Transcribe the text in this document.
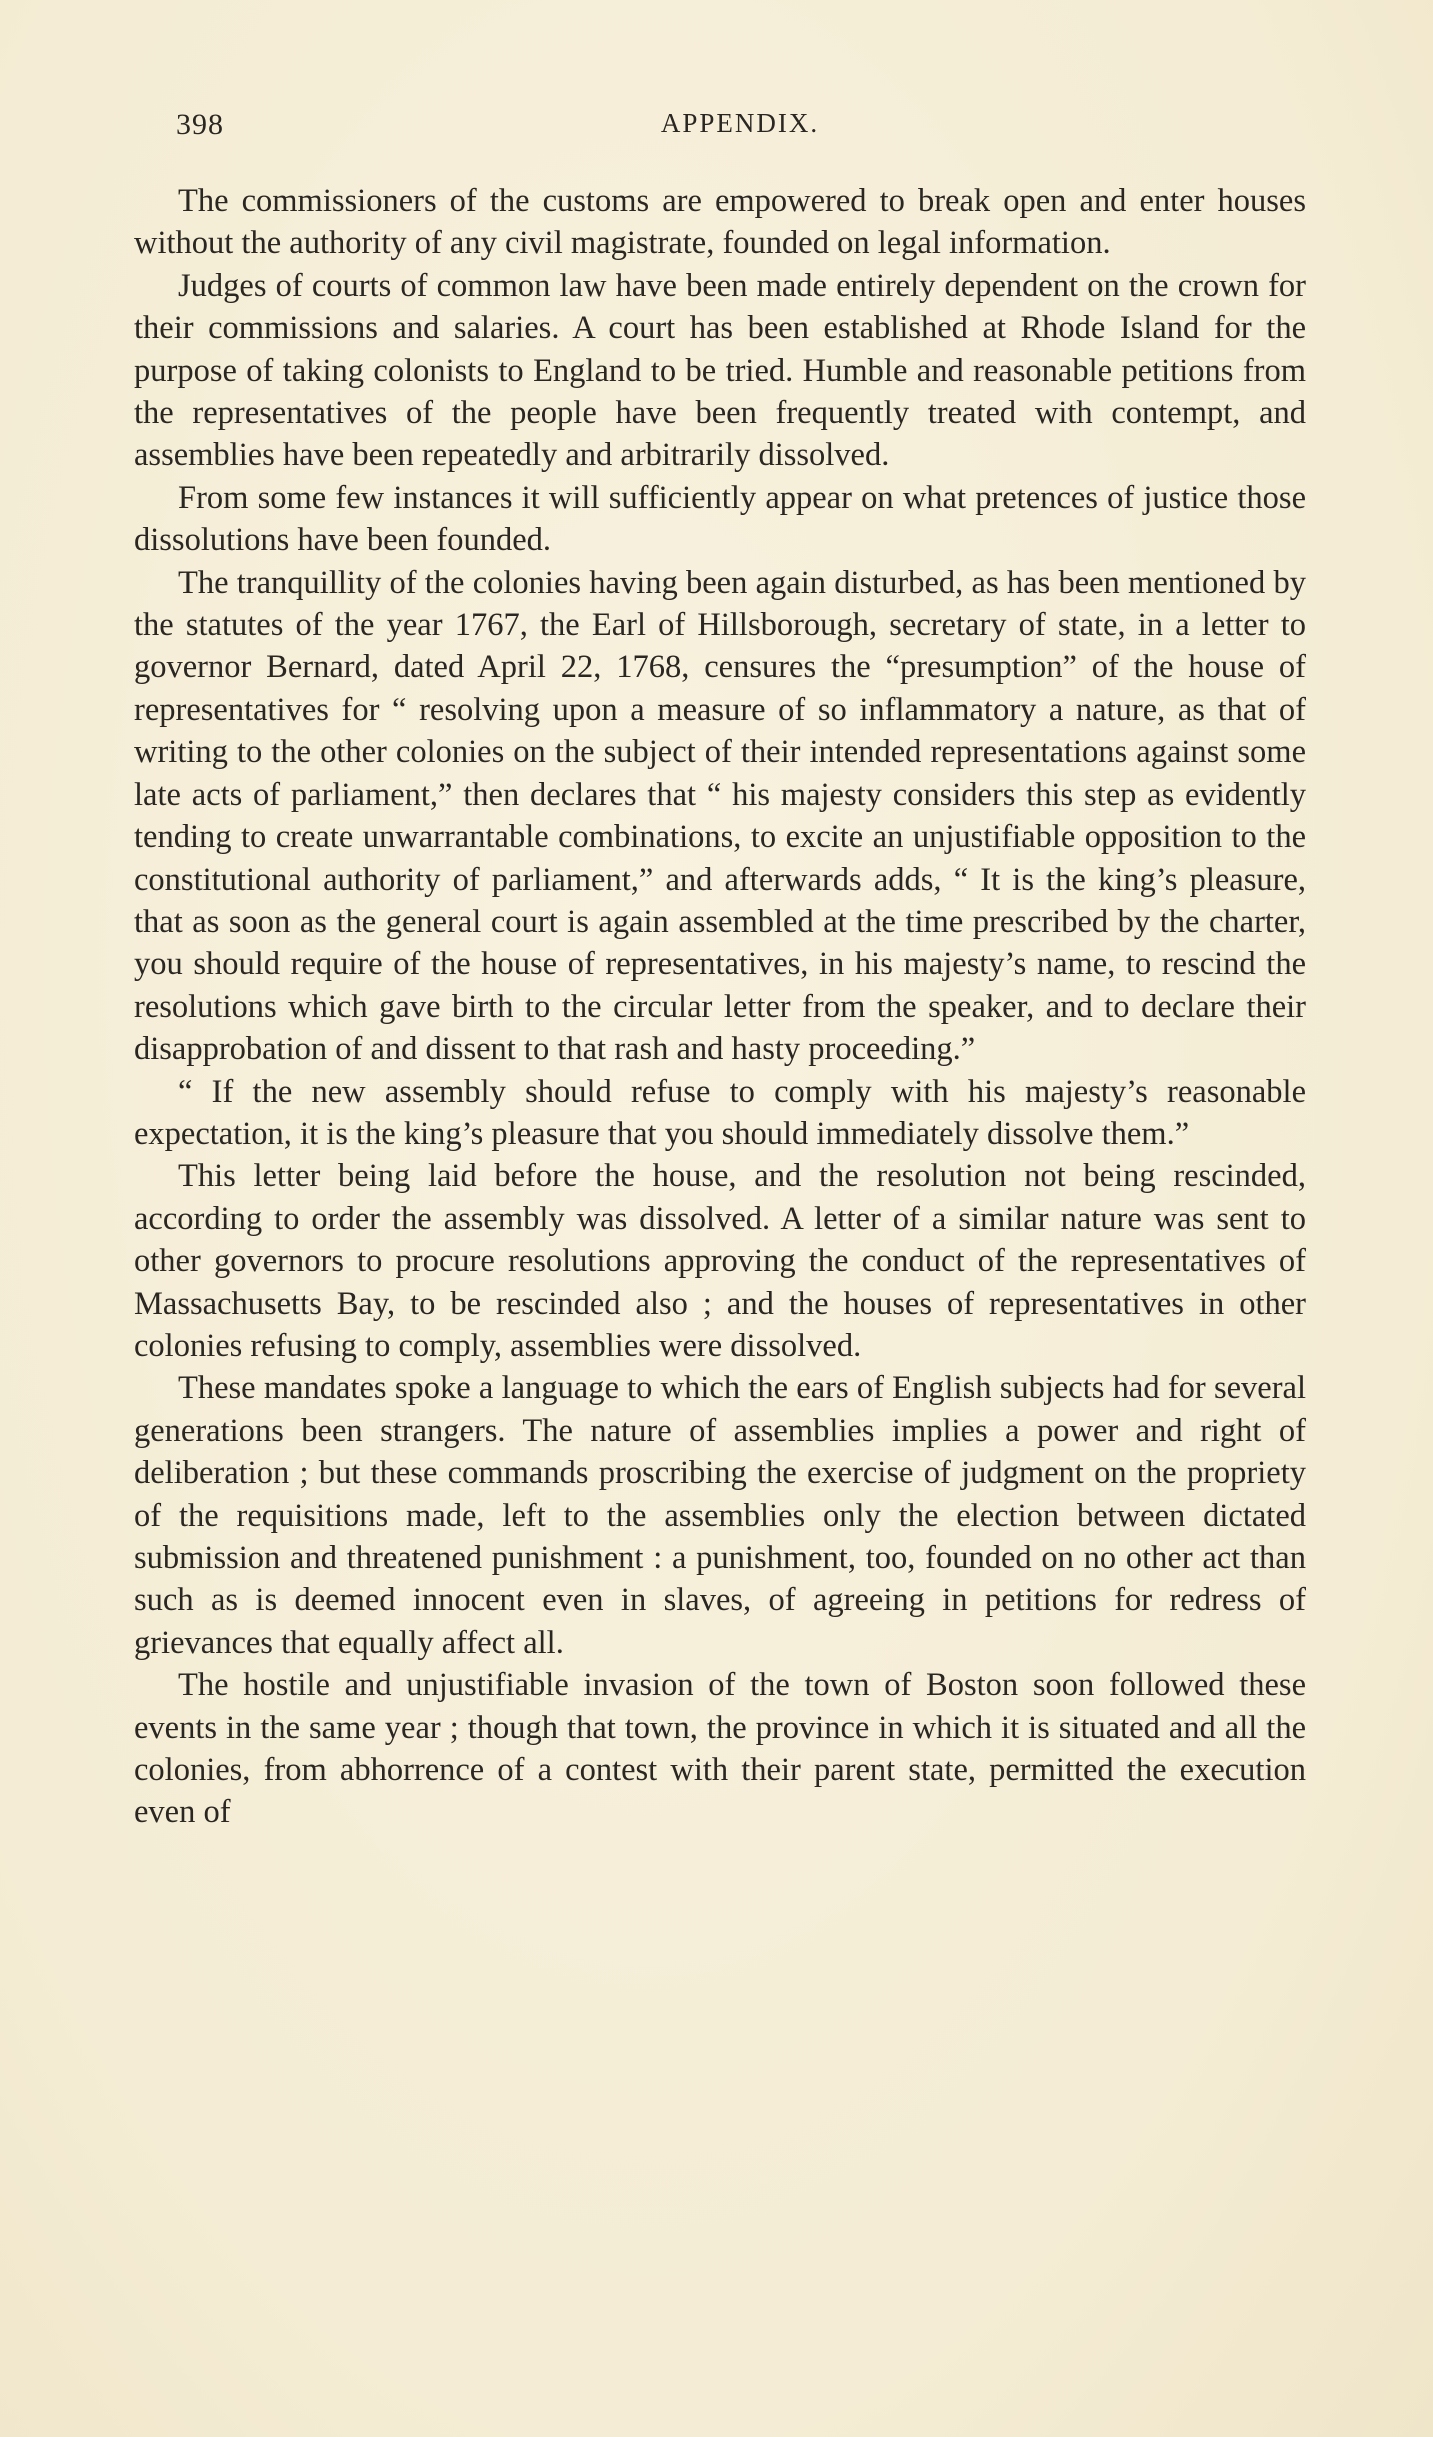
398	APPENDIX.

The commissioners of the customs are empowered to break open and enter houses without the authority of any civil magistrate, founded on legal information.

Judges of courts of common law have been made entirely dependent on the crown for their commissions and salaries. A court has been established at Rhode Island for the purpose of taking colonists to England to be tried. Humble and reasonable petitions from the representatives of the people have been frequently treated with contempt, and assemblies have been repeatedly and arbitrarily dissolved.

From some few instances it will sufficiently appear on what pretences of justice those dissolutions have been founded.

The tranquillity of the colonies having been again disturbed, as has been mentioned by the statutes of the year 1767, the Earl of Hillsborough, secretary of state, in a letter to governor Bernard, dated April 22, 1768, censures the “presumption” of the house of representatives for “ resolving upon a measure of so inflammatory a nature, as that of writing to the other colonies on the subject of their intended representations against some late acts of parliament,” then declares that “ his majesty considers this step as evidently tending to create unwarrantable combinations, to excite an unjustifiable opposition to the constitutional authority of parliament,” and afterwards adds, “ It is the king’s pleasure, that as soon as the general court is again assembled at the time prescribed by the charter, you should require of the house of representatives, in his majesty’s name, to rescind the resolutions which gave birth to the circular letter from the speaker, and to declare their disapprobation of and dissent to that rash and hasty proceeding.”

“ If the new assembly should refuse to comply with his majesty’s reasonable expectation, it is the king’s pleasure that you should immediately dissolve them.”

This letter being laid before the house, and the resolution not being rescinded, according to order the assembly was dissolved. A letter of a similar nature was sent to other governors to procure resolutions approving the conduct of the representatives of Massachusetts Bay, to be rescinded also ; and the houses of representatives in other colonies refusing to comply, assemblies were dissolved.

These mandates spoke a language to which the ears of English subjects had for several generations been strangers. The nature of assemblies implies a power and right of deliberation ; but these commands proscribing the exercise of judgment on the propriety of the requisitions made, left to the assemblies only the election between dictated submission and threatened punishment : a punishment, too, founded on no other act than such as is deemed innocent even in slaves, of agreeing in petitions for redress of grievances that equally affect all.

The hostile and unjustifiable invasion of the town of Boston soon followed these events in the same year ; though that town, the province in which it is situated and all the colonies, from abhorrence of a contest with their parent state, permitted the execution even of
